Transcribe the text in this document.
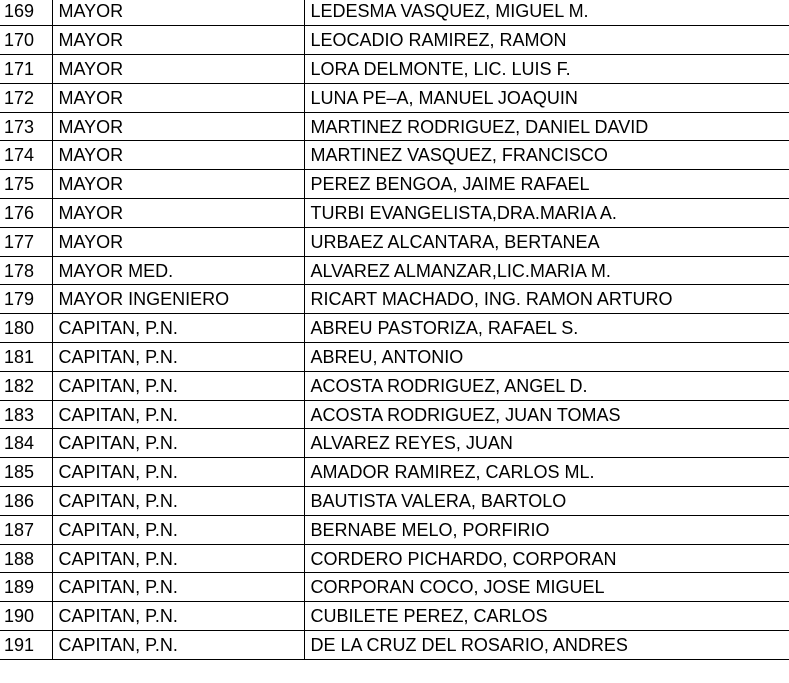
169	MAYOR	LEDESMA VASQUEZ, MIGUEL M.
170	MAYOR	LEOCADIO RAMIREZ, RAMON
171	MAYOR	LORA DELMONTE, LIC. LUIS F.
172	MAYOR	LUNA PE–A, MANUEL JOAQUIN
173	MAYOR	MARTINEZ RODRIGUEZ, DANIEL DAVID
174	MAYOR	MARTINEZ VASQUEZ, FRANCISCO
175	MAYOR	PEREZ BENGOA, JAIME RAFAEL
176	MAYOR	TURBI EVANGELISTA,DRA.MARIA A.
177	MAYOR	URBAEZ ALCANTARA, BERTANEA
178	MAYOR MED.	ALVAREZ ALMANZAR,LIC.MARIA M.
179	MAYOR INGENIERO	RICART MACHADO, ING. RAMON ARTURO
180	CAPITAN, P.N.	ABREU PASTORIZA, RAFAEL S.
181	CAPITAN, P.N.	ABREU, ANTONIO
182	CAPITAN, P.N.	ACOSTA RODRIGUEZ, ANGEL D.
183	CAPITAN, P.N.	ACOSTA RODRIGUEZ, JUAN TOMAS
184	CAPITAN, P.N.	ALVAREZ REYES, JUAN
185	CAPITAN, P.N.	AMADOR RAMIREZ, CARLOS ML.
186	CAPITAN, P.N.	BAUTISTA VALERA, BARTOLO
187	CAPITAN, P.N.	BERNABE MELO, PORFIRIO
188	CAPITAN, P.N.	CORDERO PICHARDO, CORPORAN
189	CAPITAN, P.N.	CORPORAN COCO, JOSE MIGUEL
190	CAPITAN, P.N.	CUBILETE PEREZ, CARLOS
191	CAPITAN, P.N.	DE LA CRUZ DEL ROSARIO, ANDRES
